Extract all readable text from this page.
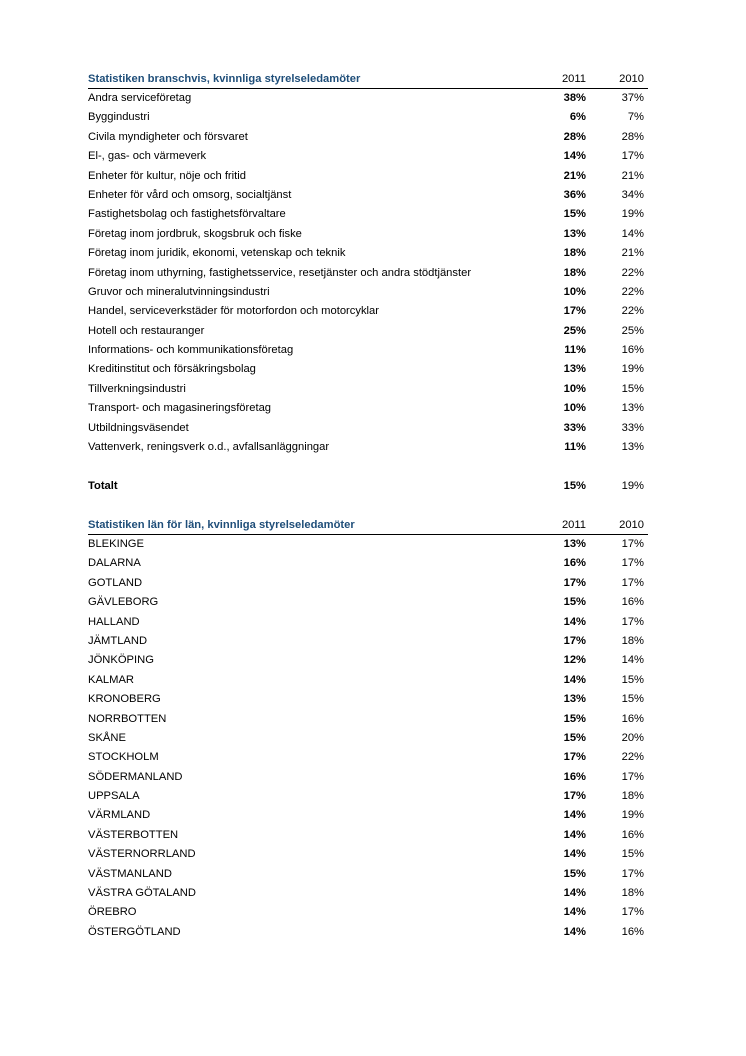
Statistiken branschvis, kvinnliga styrelseledamöter	2011	2010
Andra serviceföretag	38%	37%
Byggindustri	6%	7%
Civila myndigheter och försvaret	28%	28%
El-, gas- och värmeverk	14%	17%
Enheter för kultur, nöje och fritid	21%	21%
Enheter för vård och omsorg, socialtjänst	36%	34%
Fastighetsbolag och fastighetsförvaltare	15%	19%
Företag inom jordbruk, skogsbruk och fiske	13%	14%
Företag inom juridik, ekonomi, vetenskap och teknik	18%	21%
Företag inom uthyrning, fastighetsservice, resetjänster och andra stödtjänster	18%	22%
Gruvor och mineralutvinningsindustri	10%	22%
Handel, serviceverkstäder för motorfordon och motorcyklar	17%	22%
Hotell och restauranger	25%	25%
Informations- och kommunikationsföretag	11%	16%
Kreditinstitut och försäkringsbolag	13%	19%
Tillverkningsindustri	10%	15%
Transport- och magasineringsföretag	10%	13%
Utbildningsväsendet	33%	33%
Vattenverk, reningsverk o.d., avfallsanläggningar	11%	13%
Totalt	15%	19%
Statistiken län för län, kvinnliga styrelseledamöter	2011	2010
BLEKINGE	13%	17%
DALARNA	16%	17%
GOTLAND	17%	17%
GÄVLEBORG	15%	16%
HALLAND	14%	17%
JÄMTLAND	17%	18%
JÖNKÖPING	12%	14%
KALMAR	14%	15%
KRONOBERG	13%	15%
NORRBOTTEN	15%	16%
SKÅNE	15%	20%
STOCKHOLM	17%	22%
SÖDERMANLAND	16%	17%
UPPSALA	17%	18%
VÄRMLAND	14%	19%
VÄSTERBOTTEN	14%	16%
VÄSTERNORRLAND	14%	15%
VÄSTMANLAND	15%	17%
VÄSTRA GÖTALAND	14%	18%
ÖREBRO	14%	17%
ÖSTERGÖTLAND	14%	16%
